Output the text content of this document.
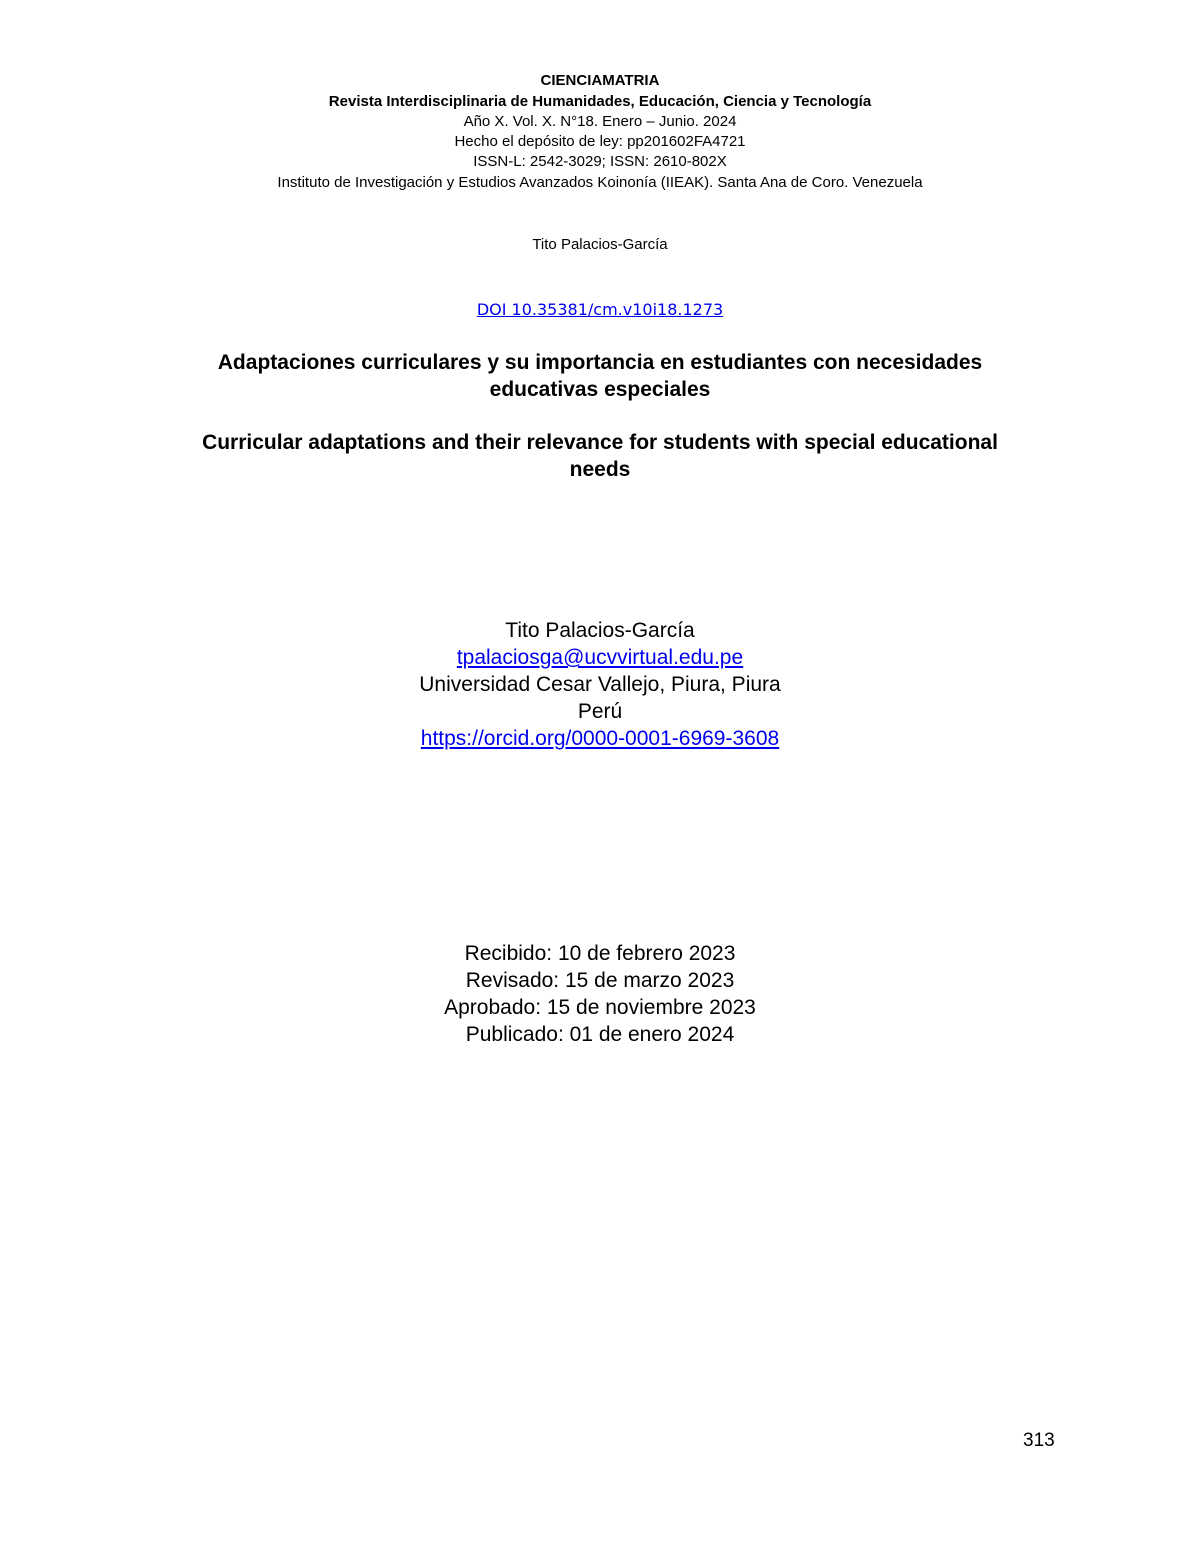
CIENCIAMATRIA
Revista Interdisciplinaria de Humanidades, Educación, Ciencia y Tecnología
Año X. Vol. X. N°18. Enero – Junio. 2024
Hecho el depósito de ley: pp201602FA4721
ISSN-L: 2542-3029; ISSN: 2610-802X
Instituto de Investigación y Estudios Avanzados Koinonía (IIEAK). Santa Ana de Coro. Venezuela
Tito Palacios-García
DOI 10.35381/cm.v10i18.1273
Adaptaciones curriculares y su importancia en estudiantes con necesidades
educativas especiales
Curricular adaptations and their relevance for students with special educational
needs
Tito Palacios-García
tpalaciosga@ucvvirtual.edu.pe
Universidad Cesar Vallejo, Piura, Piura
Perú
https://orcid.org/0000-0001-6969-3608
Recibido: 10 de febrero 2023
Revisado: 15 de marzo 2023
Aprobado: 15 de noviembre 2023
Publicado: 01 de enero 2024
313
